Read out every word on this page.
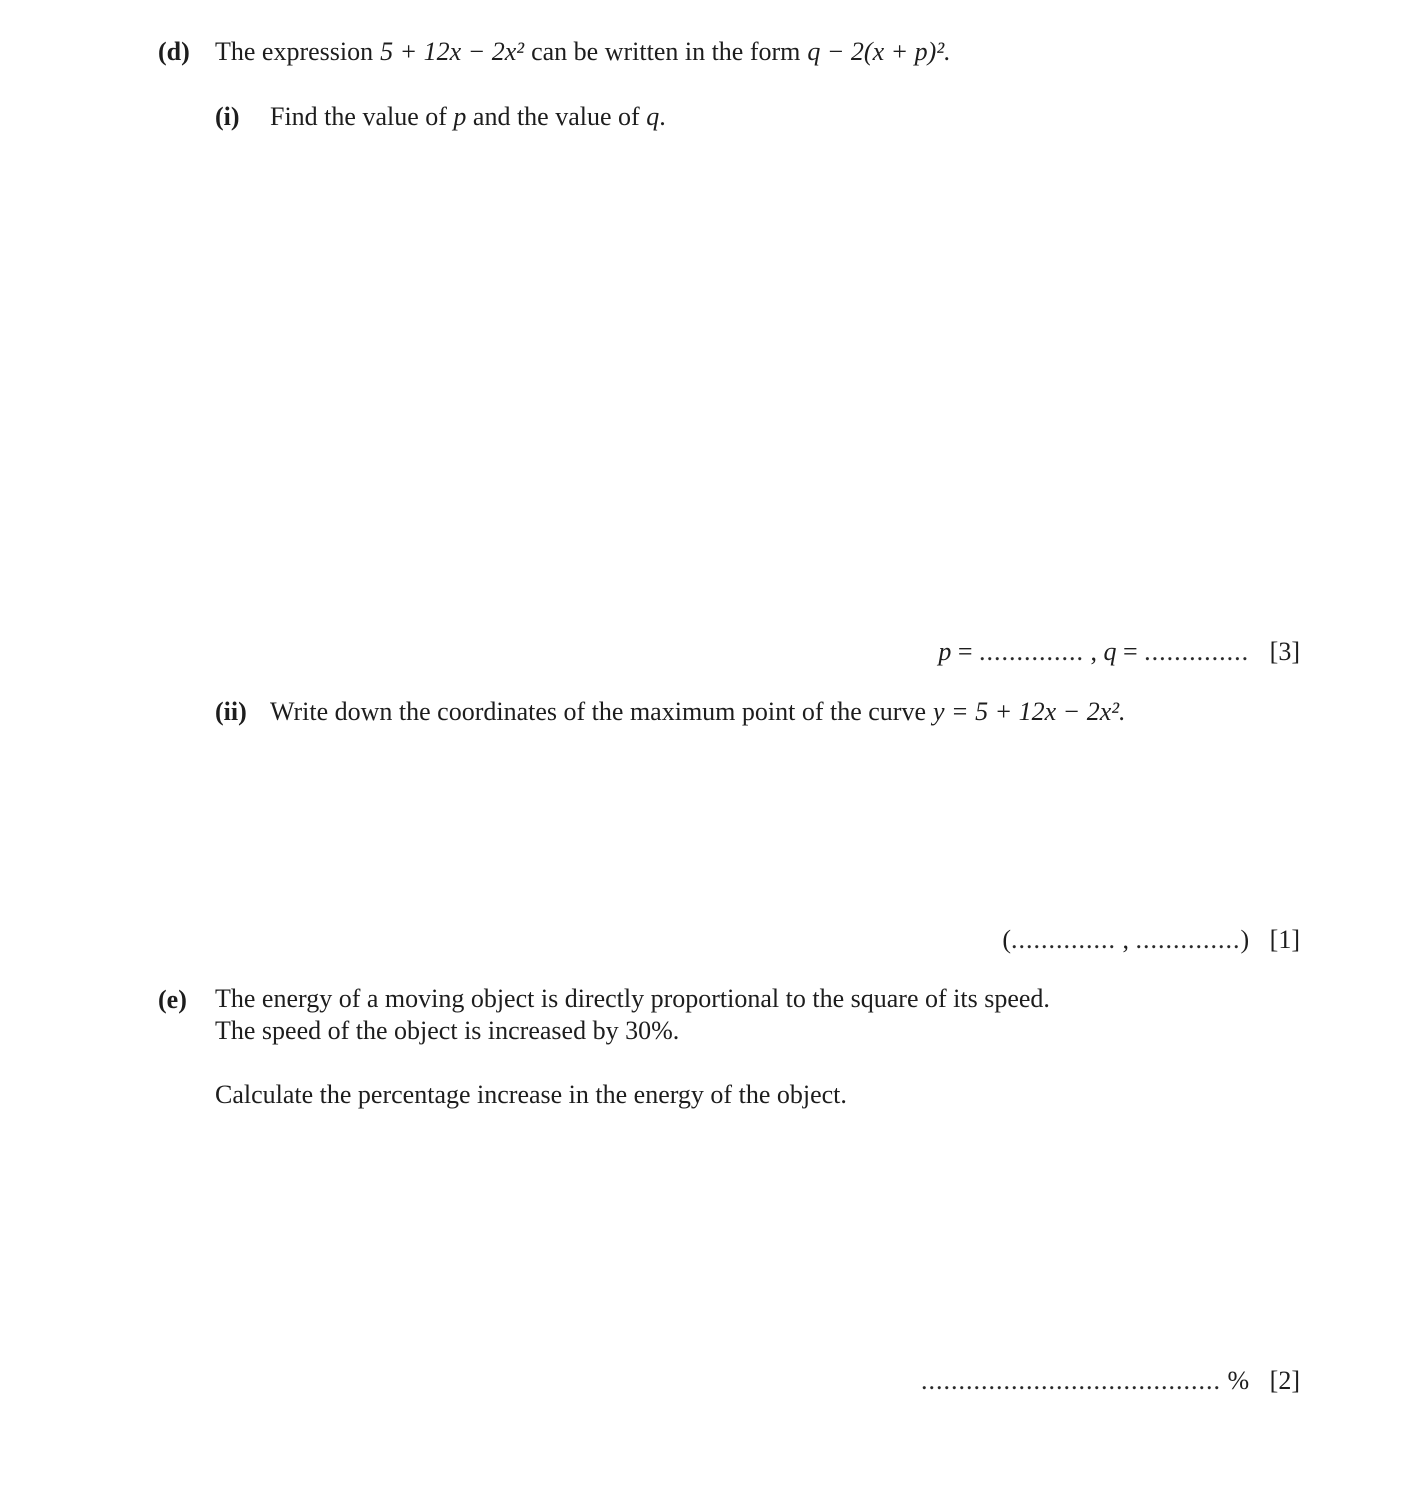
(d) The expression 5 + 12x − 2x² can be written in the form q − 2(x + p)².

(i)	Find the value of p and the value of q.

p = .............. , q = .............. [3]
(ii) Write down the coordinates of the maximum point of the curve y = 5 + 12x − 2x².

(.............. , ..............) [1]
(e)	The energy of a moving object is directly proportional to the square of its speed.
The speed of the object is increased by 30%.

Calculate the percentage increase in the energy of the object.

........................................ % [2]
